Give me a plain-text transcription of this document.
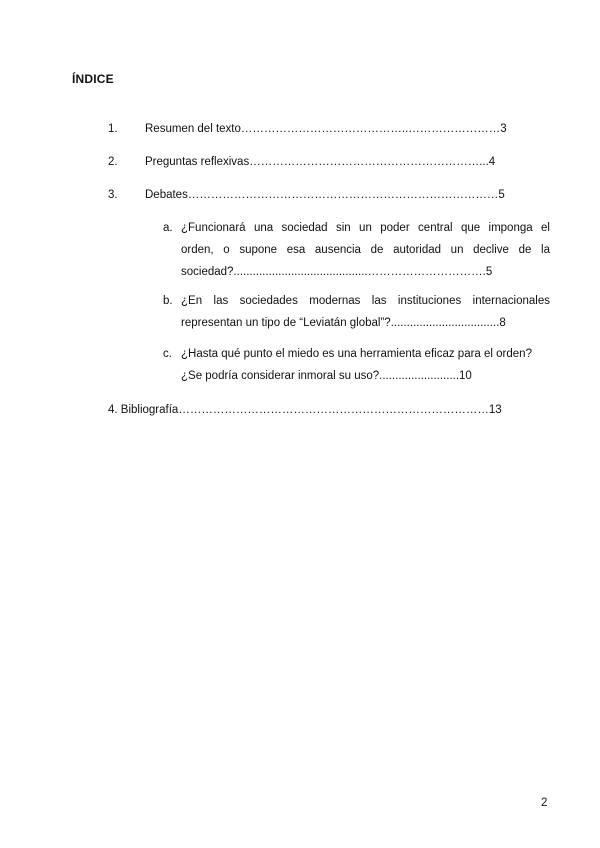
ÍNDICE
1. Resumen del texto……………………………………..……………………3
2. Preguntas reflexivas……………………………………………………...4
3. Debates………………………………………………………………………5
a. ¿Funcionará una sociedad sin un poder central que imponga el
orden, o supone esa ausencia de autoridad un declive de la
sociedad?..........................................………………………….5
b. ¿En las sociedades modernas las instituciones internacionales
representan un tipo de “Leviatán global”?..................................8
c. ¿Hasta qué punto el miedo es una herramienta eficaz para el orden?
¿Se podría considerar inmoral su uso?.........................10
4. Bibliografía………………………………………………………………………13
2
